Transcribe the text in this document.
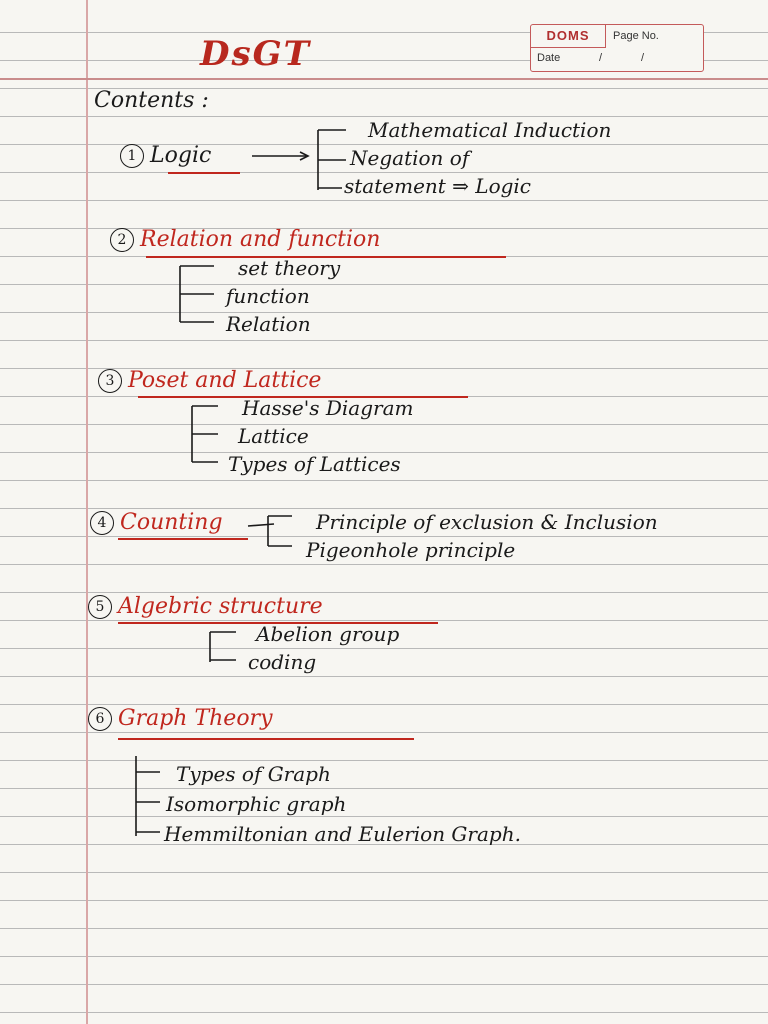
DOMS	Page No.
Date	/	/
DsGT
Contents :
1 Logic
Mathematical Induction
Negation of
statement ⇒ Logic
2 Relation and function
set theory
function
Relation
3 Poset and Lattice
Hasse's Diagram
Lattice
Types of Lattices
4 Counting	Principle of exclusion & Inclusion
Pigeonhole principle
5 Algebric structure
Abelion group
coding
6 Graph Theory
Types of Graph
Isomorphic graph
Hemmiltonian and Eulerion Graph.
